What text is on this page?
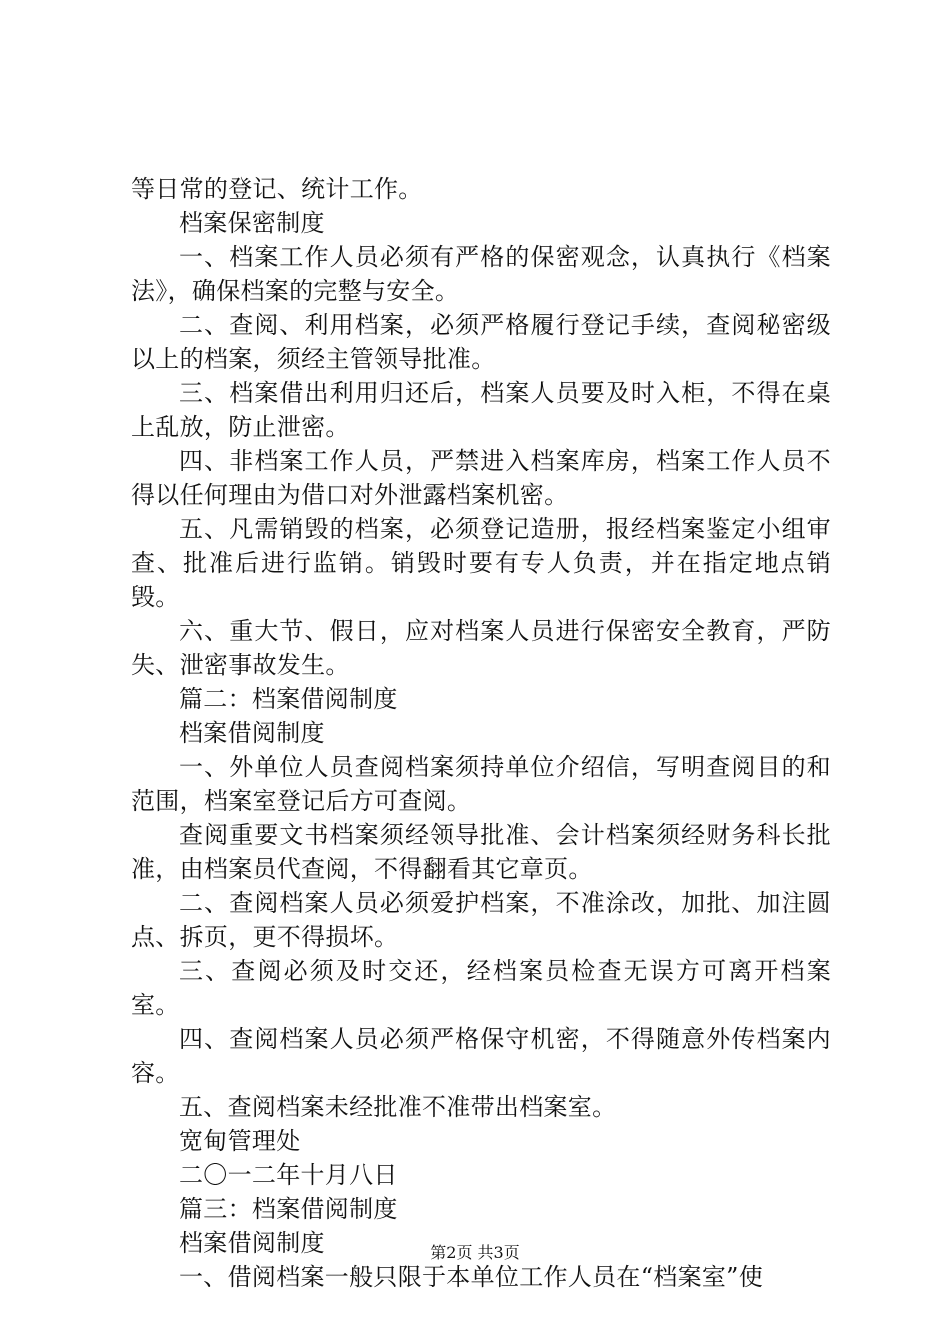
等日常的登记、统计工作。

档案保密制度

一、档案工作人员必须有严格的保密观念，认真执行《档案法》，确保档案的完整与安全。

二、查阅、利用档案，必须严格履行登记手续，查阅秘密级以上的档案，须经主管领导批准。

三、档案借出利用归还后，档案人员要及时入柜，不得在桌上乱放，防止泄密。

四、非档案工作人员，严禁进入档案库房，档案工作人员不得以任何理由为借口对外泄露档案机密。

五、凡需销毁的档案，必须登记造册，报经档案鉴定小组审查、批准后进行监销。销毁时要有专人负责，并在指定地点销毁。

六、重大节、假日，应对档案人员进行保密安全教育，严防失、泄密事故发生。

篇二：档案借阅制度

档案借阅制度

一、外单位人员查阅档案须持单位介绍信，写明查阅目的和范围，档案室登记后方可查阅。

查阅重要文书档案须经领导批准、会计档案须经财务科长批准，由档案员代查阅，不得翻看其它章页。

二、查阅档案人员必须爱护档案，不准涂改，加批、加注圆点、拆页，更不得损坏。

三、查阅必须及时交还，经档案员检查无误方可离开档案室。

四、查阅档案人员必须严格保守机密，不得随意外传档案内容。

五、查阅档案未经批准不准带出档案室。

宽甸管理处

二〇一二年十月八日

篇三：档案借阅制度

档案借阅制度

一、借阅档案一般只限于本单位工作人员在“档案室”使

第2页 共3页
